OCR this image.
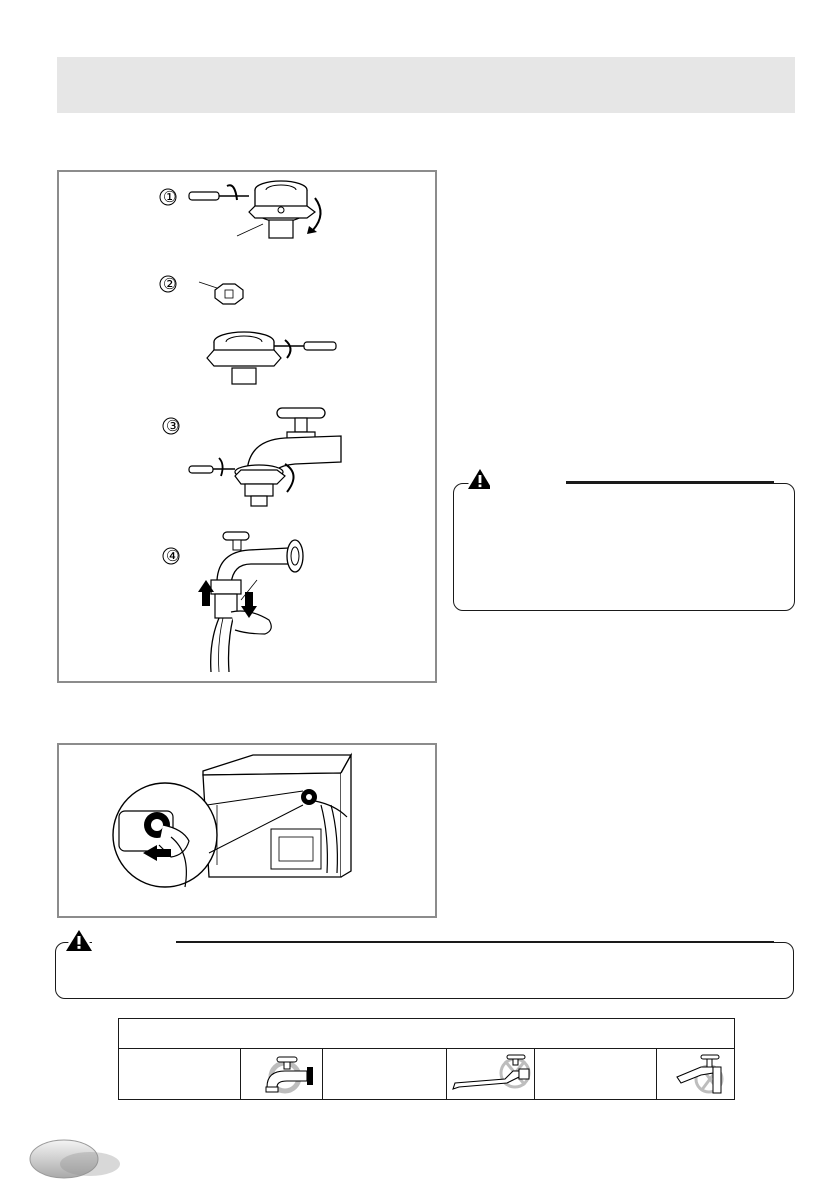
①
②
③
④
